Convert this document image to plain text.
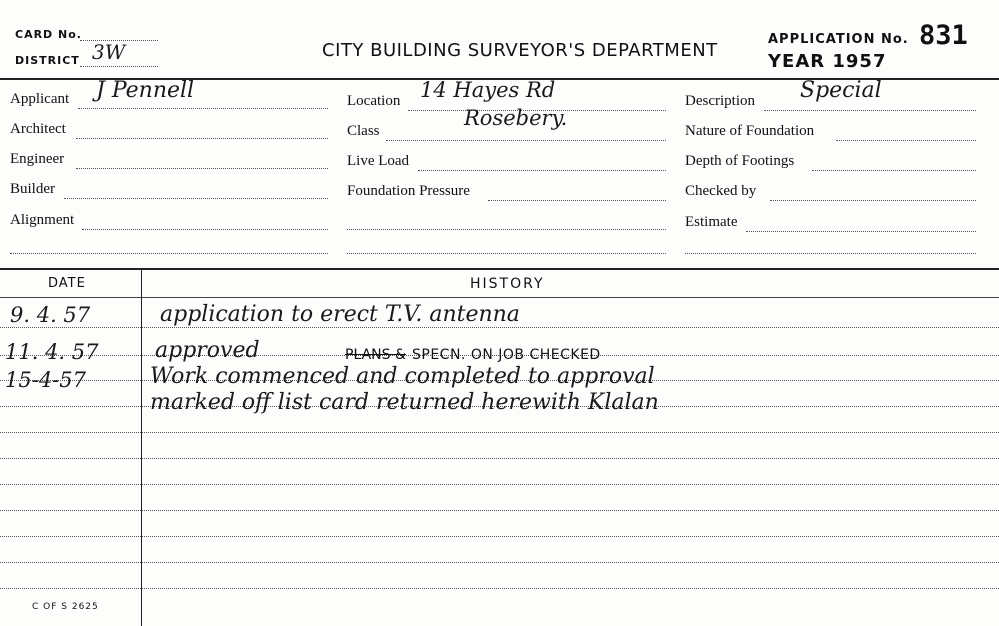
CARD No.
DISTRICT 3W	CITY BUILDING SURVEYOR'S DEPARTMENT
APPLICATION No. 831
YEAR 1957
Applicant J Pennell
Architect
Engineer
Builder
Alignment
Location 14 Hayes Rd
Rosebery.
Class
Live Load
Foundation Pressure
Description Special
Nature of Foundation
Depth of Footings
Checked by
Estimate
DATE	HISTORY
9. 4. 57	application to erect T.V. antenna
11. 4. 57	approved	PLANS & SPECN. ON JOB CHECKED
15-4-57	Work commenced and completed to approval
marked off list card returned herewith Klalan
C OF S 2625
